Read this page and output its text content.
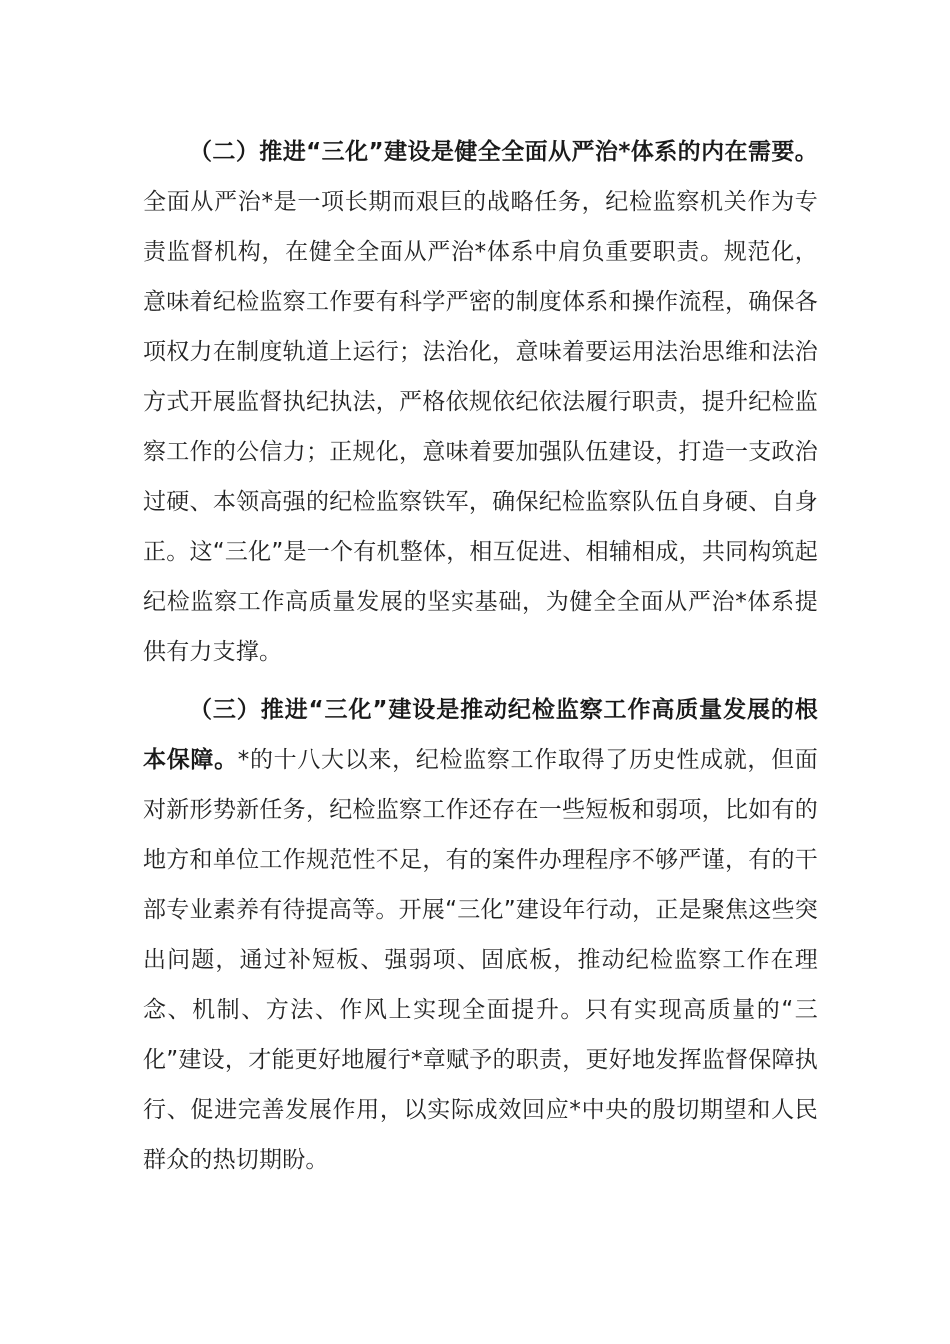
（二）推进“三化”建设是健全全面从严治*体系的内在需要。全面从严治*是一项长期而艰巨的战略任务，纪检监察机关作为专责监督机构，在健全全面从严治*体系中肩负重要职责。规范化，意味着纪检监察工作要有科学严密的制度体系和操作流程，确保各项权力在制度轨道上运行；法治化，意味着要运用法治思维和法治方式开展监督执纪执法，严格依规依纪依法履行职责，提升纪检监察工作的公信力；正规化，意味着要加强队伍建设，打造一支政治过硬、本领高强的纪检监察铁军，确保纪检监察队伍自身硬、自身正。这“三化”是一个有机整体，相互促进、相辅相成，共同构筑起纪检监察工作高质量发展的坚实基础，为健全全面从严治*体系提供有力支撑。

（三）推进“三化”建设是推动纪检监察工作高质量发展的根本保障。*的十八大以来，纪检监察工作取得了历史性成就，但面对新形势新任务，纪检监察工作还存在一些短板和弱项，比如有的地方和单位工作规范性不足，有的案件办理程序不够严谨，有的干部专业素养有待提高等。开展“三化”建设年行动，正是聚焦这些突出问题，通过补短板、强弱项、固底板，推动纪检监察工作在理念、机制、方法、作风上实现全面提升。只有实现高质量的“三化”建设，才能更好地履行*章赋予的职责，更好地发挥监督保障执行、促进完善发展作用，以实际成效回应*中央的殷切期望和人民群众的热切期盼。
